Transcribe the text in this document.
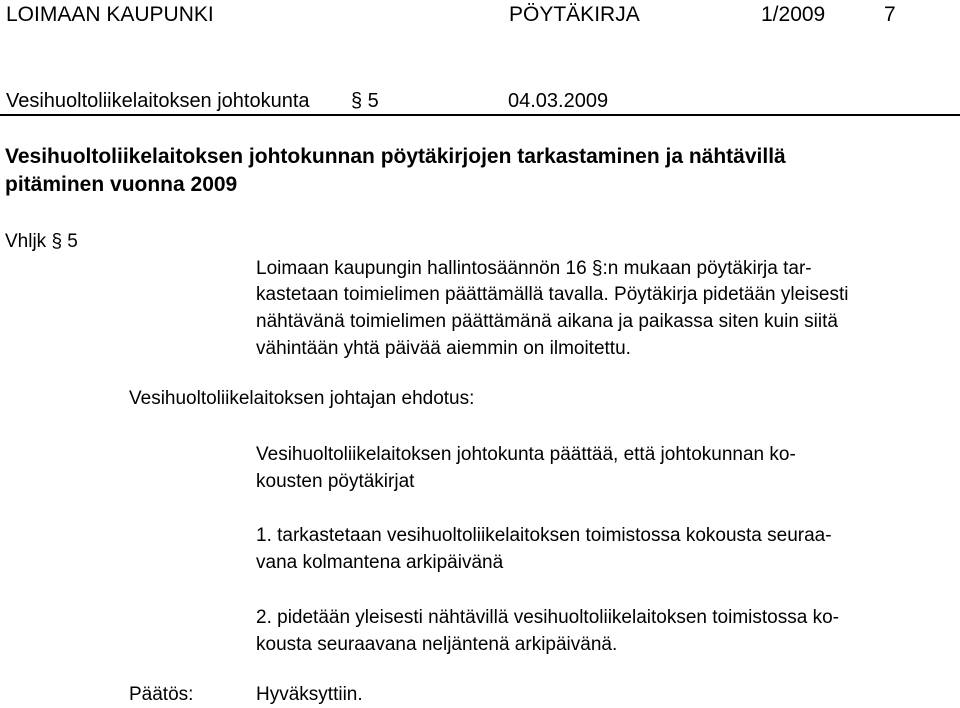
LOIMAAN KAUPUNKI	PÖYTÄKIRJA	1/2009	7
Vesihuoltoliikelaitoksen johtokunta § 5	04.03.2009
Vesihuoltoliikelaitoksen johtokunnan pöytäkirjojen tarkastaminen ja nähtävillä
pitäminen vuonna 2009
Vhljk § 5
Loimaan kaupungin hallintosäännön 16 §:n mukaan pöytäkirja tar-
kastetaan toimielimen päättämällä tavalla. Pöytäkirja pidetään yleisesti
nähtävänä toimielimen päättämänä aikana ja paikassa siten kuin siitä
vähintään yhtä päivää aiemmin on ilmoitettu.
Vesihuoltoliikelaitoksen johtajan ehdotus:
Vesihuoltoliikelaitoksen johtokunta päättää, että johtokunnan ko-
kousten pöytäkirjat
1. tarkastetaan vesihuoltoliikelaitoksen toimistossa kokousta seuraa-
vana kolmantena arkipäivänä
2. pidetään yleisesti nähtävillä vesihuoltoliikelaitoksen toimistossa ko-
kousta seuraavana neljäntenä arkipäivänä.
Päätös:	Hyväksyttiin.
